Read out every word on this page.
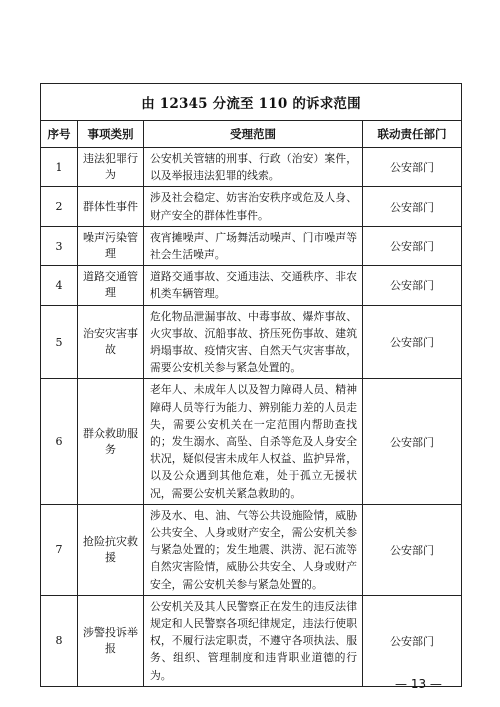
由 12345 分流至 110 的诉求范围			
序号	事项类别	受理范围	联动责任部门
1	违法犯罪行为	公安机关管辖的刑事、行政（治安）案件，以及举报违法犯罪的线索。	公安部门
2	群体性事件	涉及社会稳定、妨害治安秩序或危及人身、财产安全的群体性事件。	公安部门
3	噪声污染管理	夜宵摊噪声、广场舞活动噪声、门市噪声等社会生活噪声。	公安部门
4	道路交通管理	道路交通事故、交通违法、交通秩序、非农机类车辆管理。	公安部门
5	治安灾害事故	危化物品泄漏事故、中毒事故、爆炸事故、火灾事故、沉船事故、挤压死伤事故、建筑坍塌事故、疫情灾害、自然天气灾害事故，需要公安机关参与紧急处置的。	公安部门
6	群众救助服务	老年人、未成年人以及智力障碍人员、精神障碍人员等行为能力、辨别能力差的人员走失，需要公安机关在一定范围内帮助查找的；发生溺水、高坠、自杀等危及人身安全状况，疑似侵害未成年人权益、监护异常，以及公众遇到其他危难，处于孤立无援状况，需要公安机关紧急救助的。	公安部门
7	抢险抗灾救援	涉及水、电、油、气等公共设施险情，威胁公共安全、人身或财产安全，需公安机关参与紧急处置的；发生地震、洪涝、泥石流等自然灾害险情，威胁公共安全、人身或财产安全，需公安机关参与紧急处置的。	公安部门
8	涉警投诉举报	公安机关及其人民警察正在发生的违反法律规定和人民警察各项纪律规定，违法行使职权，不履行法定职责，不遵守各项执法、服务、组织、管理制度和违背职业道德的行为。	公安部门
— 13 —
